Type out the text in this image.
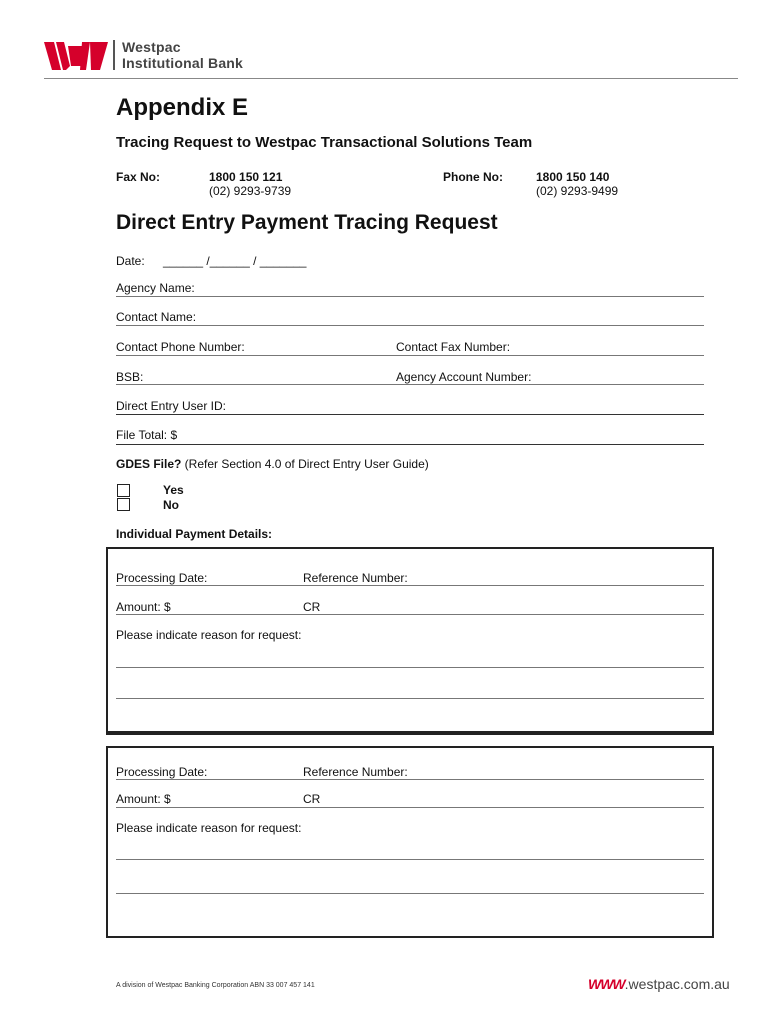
Westpac
Institutional Bank
Appendix E
Tracing Request to Westpac Transactional Solutions Team
Fax No:	1800 150 121
(02) 9293-9739
Phone No:	1800 150 140
(02) 9293-9499
Direct Entry Payment Tracing Request
Date: ______ /______ / _______
Agency Name:
Contact Name:
Contact Phone Number:	Contact Fax Number:
BSB:	Agency Account Number:
Direct Entry User ID:
File Total: $
GDES File? (Refer Section 4.0 of Direct Entry User Guide)
Yes
No
Individual Payment Details:
Processing Date:	Reference Number:
Amount: $	CR
Please indicate reason for request:
Processing Date:	Reference Number:
Amount: $	CR
Please indicate reason for request:
A division of Westpac Banking Corporation ABN 33 007 457 141	WWW.westpac.com.au
